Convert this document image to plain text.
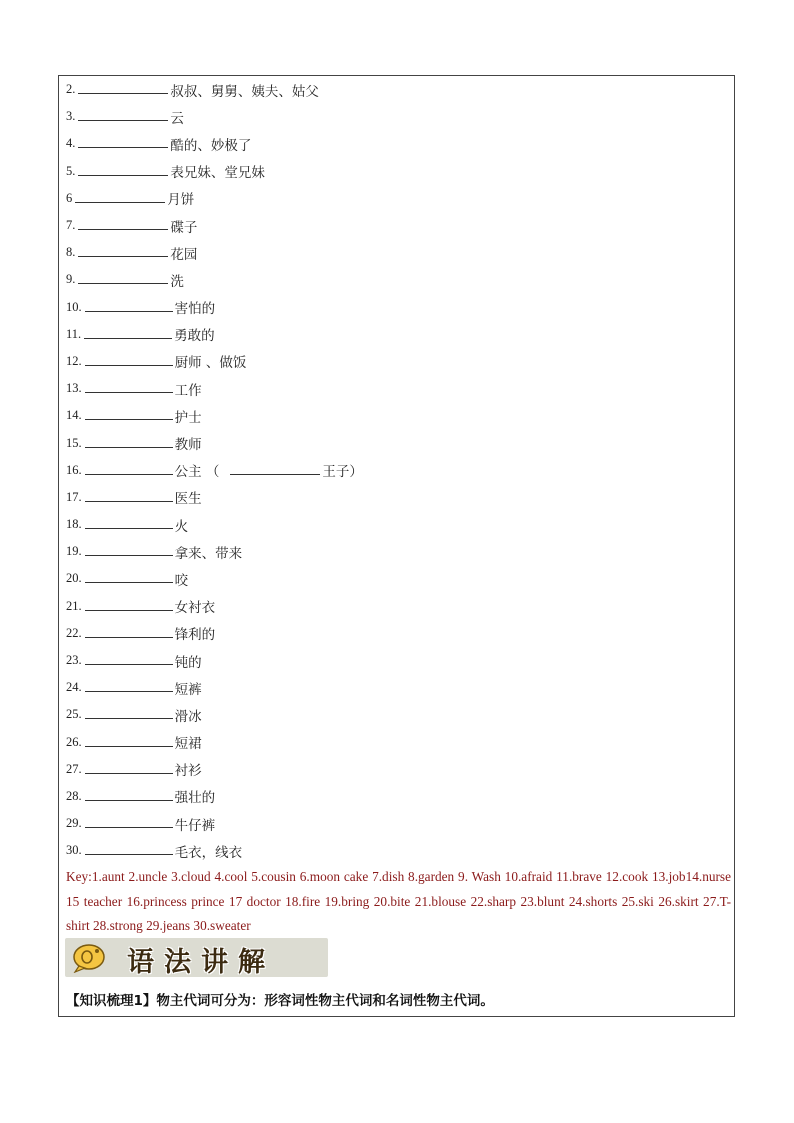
2.	叔叔、舅舅、姨夫、姑父
3.	云
4.	酷的、妙极了
5.	表兄妹、堂兄妹
6	月饼
7.	碟子
8.	花园
9.	洗
10.	害怕的
11.	勇敢的
12.	厨师 、做饭
13.	工作
14.	护士
15.	教师
16.	公主 （	王子）
17.	医生
18.	火
19.	拿来、带来
20.	咬
21.	女衬衣
22.	锋利的
23.	钝的
24.	短裤
25.	滑冰
26.	短裙
27.	衬衫
28.	强壮的
29.	牛仔裤
30.	毛衣，线衣
Key:1.aunt 2.uncle 3.cloud 4.cool 5.cousin 6.moon cake 7.dish 8.garden 9. Wash 10.afraid 11.brave 12.cook 13.job14.nurse 15 teacher 16.princess prince 17 doctor 18.fire 19.bring 20.bite 21.blouse 22.sharp 23.blunt 24.shorts 25.ski 26.skirt 27.T-shirt 28.strong 29.jeans 30.sweater
语法讲解
【知识梳理1】物主代词可分为：形容词性物主代词和名词性物主代词。
